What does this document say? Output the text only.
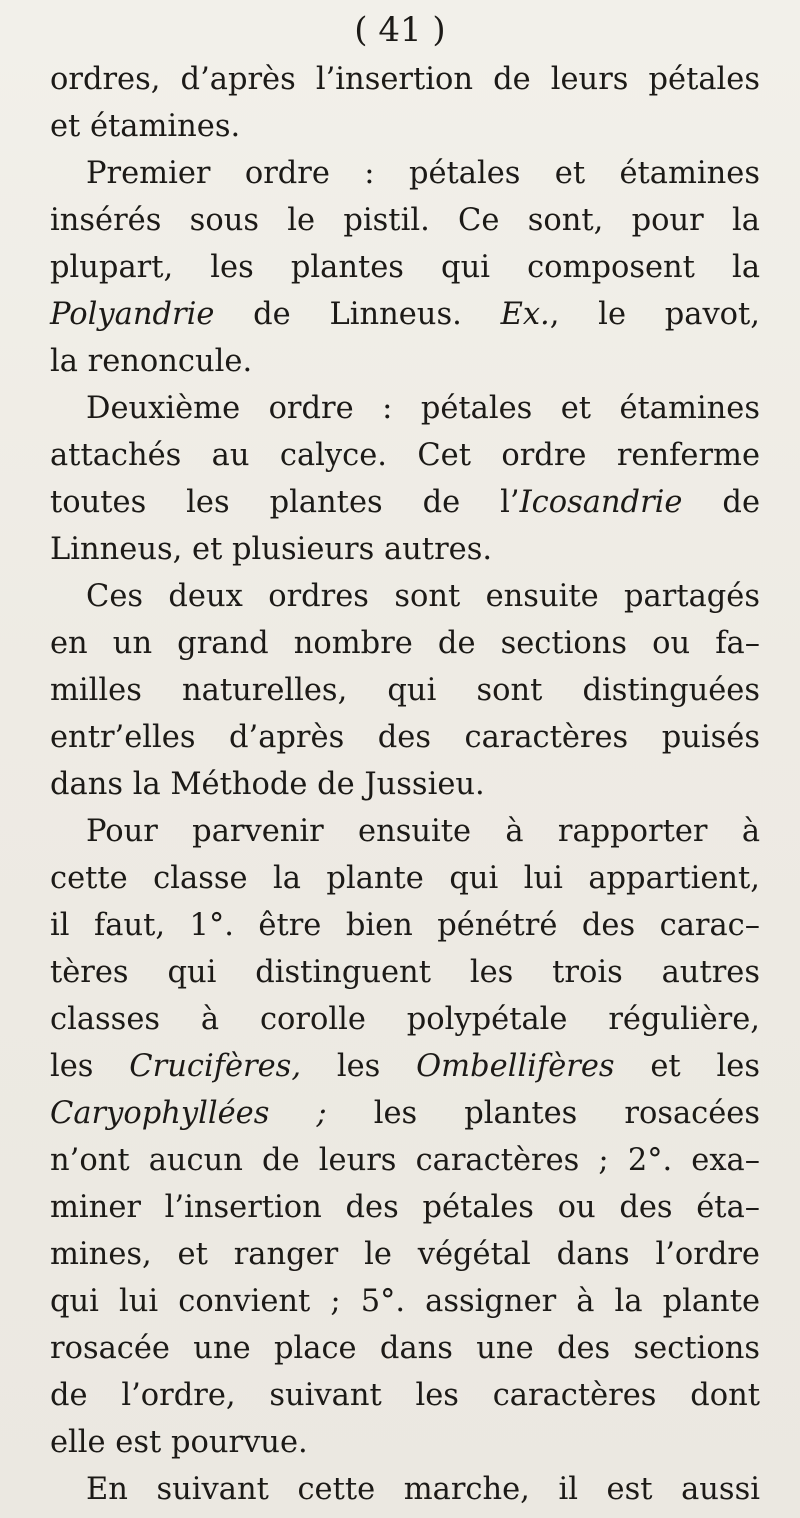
( 41 )
ordres, d’après l’insertion de leurs pétales
et étamines.
Premier ordre : pétales et étamines
insérés sous le pistil. Ce sont, pour la
plupart, les plantes qui composent la
Polyandrie de Linneus. Ex., le pavot,
la renoncule.
Deuxième ordre : pétales et étamines
attachés au calyce. Cet ordre renferme
toutes les plantes de l’Icosandrie de
Linneus, et plusieurs autres.
Ces deux ordres sont ensuite partagés
en un grand nombre de sections ou fa–
milles naturelles, qui sont distinguées
entr’elles d’après des caractères puisés
dans la Méthode de Jussieu.
Pour parvenir ensuite à rapporter à
cette classe la plante qui lui appartient,
il faut, 1°. être bien pénétré des carac–
tères qui distinguent les trois autres
classes à corolle polypétale régulière,
les Crucifères, les Ombellifères et les
Caryophyllées ; les plantes rosacées
n’ont aucun de leurs caractères ; 2°. exa–
miner l’insertion des pétales ou des éta–
mines, et ranger le végétal dans l’ordre
qui lui convient ; 5°. assigner à la plante
rosacée une place dans une des sections
de l’ordre, suivant les caractères dont
elle est pourvue.
En suivant cette marche, il est aussi
